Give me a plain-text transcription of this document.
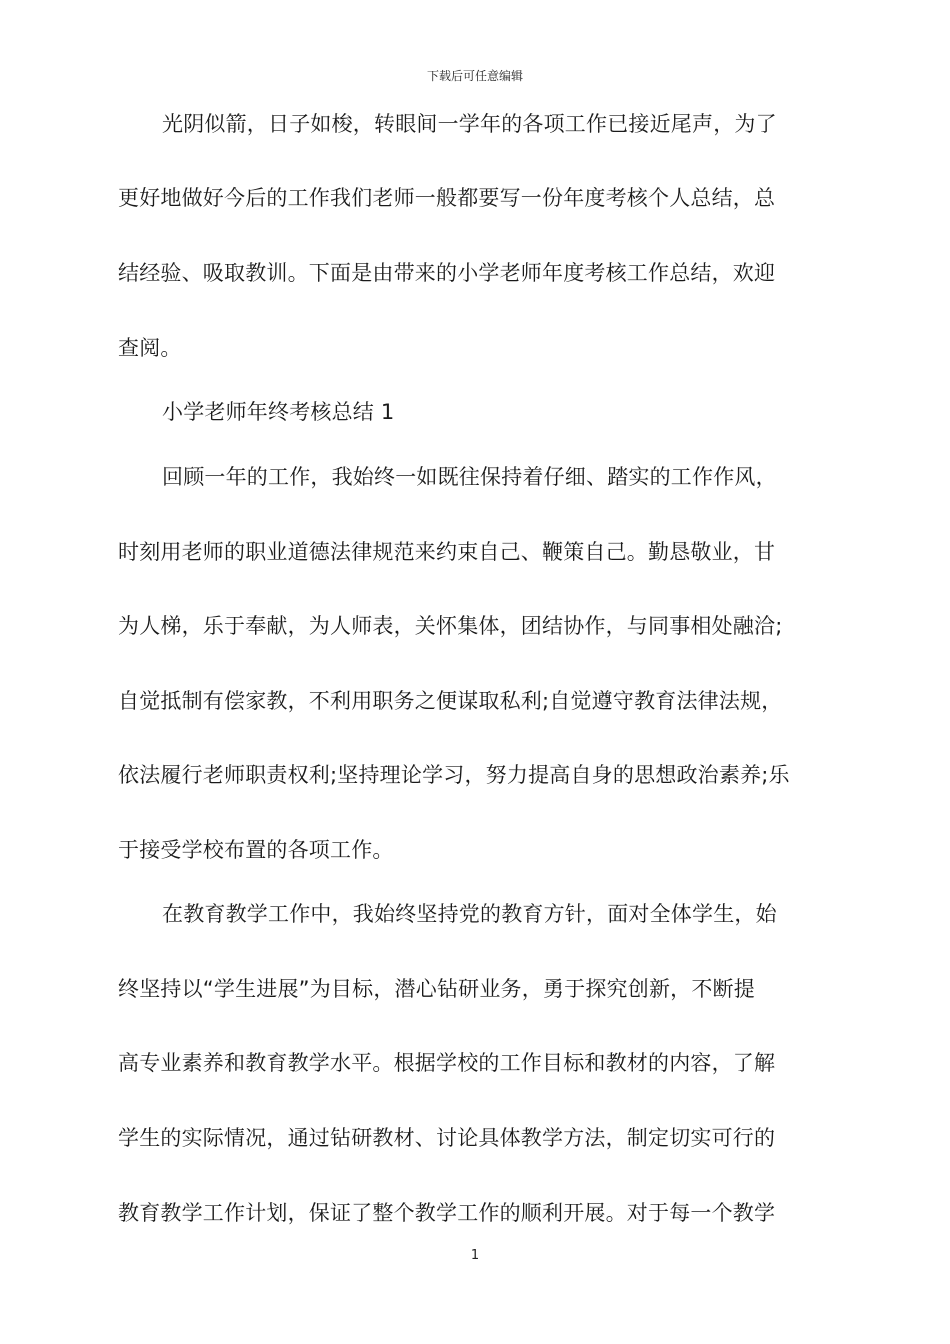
下载后可任意编辑
光阴似箭，日子如梭，转眼间一学年的各项工作已接近尾声，为了
更好地做好今后的工作我们老师一般都要写一份年度考核个人总结，总
结经验、吸取教训。下面是由带来的小学老师年度考核工作总结，欢迎
查阅。
小学老师年终考核总结 1
回顾一年的工作，我始终一如既往保持着仔细、踏实的工作作风，
时刻用老师的职业道德法律规范来约束自己、鞭策自己。勤恳敬业，甘
为人梯，乐于奉献，为人师表，关怀集体，团结协作，与同事相处融洽;
自觉抵制有偿家教，不利用职务之便谋取私利;自觉遵守教育法律法规，
依法履行老师职责权利;坚持理论学习，努力提高自身的思想政治素养;乐
于接受学校布置的各项工作。
在教育教学工作中，我始终坚持党的教育方针，面对全体学生，始
终坚持以“学生进展”为目标，潜心钻研业务，勇于探究创新，不断提
高专业素养和教育教学水平。根据学校的工作目标和教材的内容，了解
学生的实际情况，通过钻研教材、讨论具体教学方法，制定切实可行的
教育教学工作计划，保证了整个教学工作的顺利开展。对于每一个教学
1
